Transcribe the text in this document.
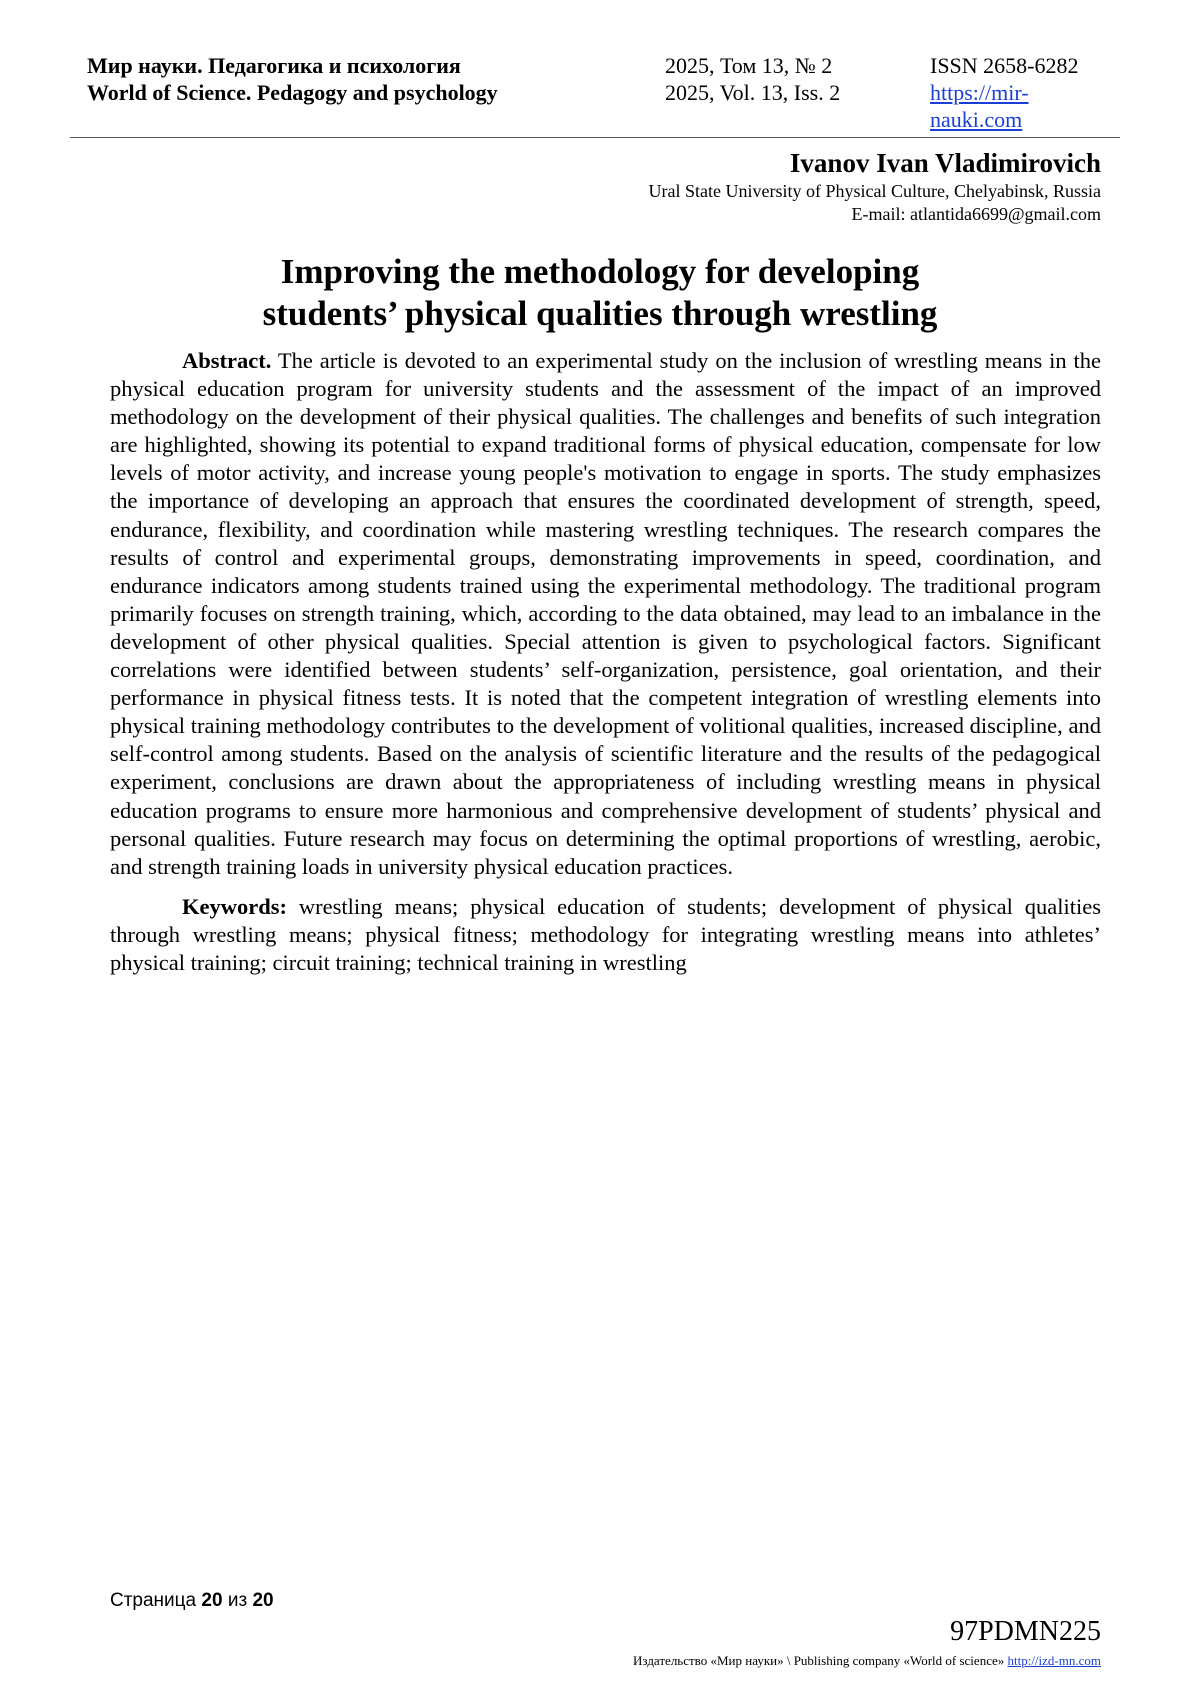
Мир науки. Педагогика и психология	2025, Том 13, № 2	ISSN 2658-6282
World of Science. Pedagogy and psychology	2025, Vol. 13, Iss. 2	https://mir-nauki.com
Ivanov Ivan Vladimirovich
Ural State University of Physical Culture, Chelyabinsk, Russia
E-mail: atlantida6699@gmail.com
Improving the methodology for developing
students’ physical qualities through wrestling

Abstract. The article is devoted to an experimental study on the inclusion of wrestling means in the physical education program for university students and the assessment of the impact of an improved methodology on the development of their physical qualities. The challenges and benefits of such integration are highlighted, showing its potential to expand traditional forms of physical education, compensate for low levels of motor activity, and increase young people's motivation to engage in sports. The study emphasizes the importance of developing an approach that ensures the coordinated development of strength, speed, endurance, flexibility, and coordination while mastering wrestling techniques. The research compares the results of control and experimental groups, demonstrating improvements in speed, coordination, and endurance indicators among students trained using the experimental methodology. The traditional program primarily focuses on strength training, which, according to the data obtained, may lead to an imbalance in the development of other physical qualities. Special attention is given to psychological factors. Significant correlations were identified between students’ self-organization, persistence, goal orientation, and their performance in physical fitness tests. It is noted that the competent integration of wrestling elements into physical training methodology contributes to the development of volitional qualities, increased discipline, and self-control among students. Based on the analysis of scientific literature and the results of the pedagogical experiment, conclusions are drawn about the appropriateness of including wrestling means in physical education programs to ensure more harmonious and comprehensive development of students’ physical and personal qualities. Future research may focus on determining the optimal proportions of wrestling, aerobic, and strength training loads in university physical education practices.

Keywords: wrestling means; physical education of students; development of physical qualities through wrestling means; physical fitness; methodology for integrating wrestling means into athletes’ physical training; circuit training; technical training in wrestling

Страница 20 из 20
97PDMN225
Издательство «Мир науки» \ Publishing company «World of science» http://izd-mn.com
